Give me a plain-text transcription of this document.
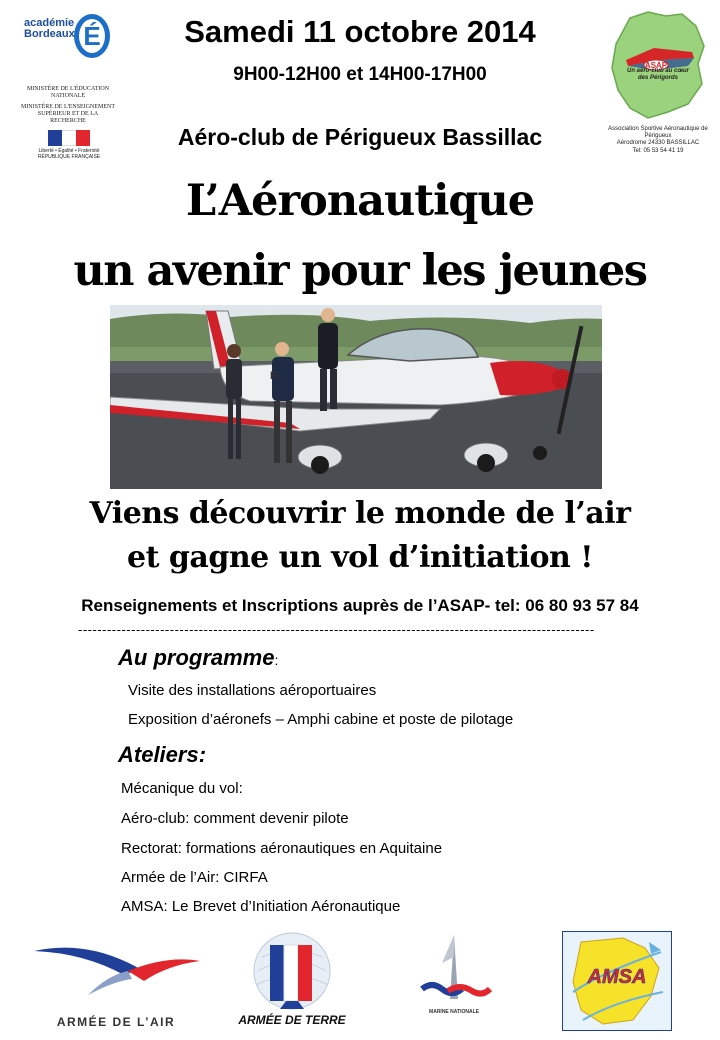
académie Bordeaux É
MINISTÈRE DE L'ÉDUCATION NATIONALE
MINISTÈRE DE L'ENSEIGNEMENT SUPÉRIEUR ET DE LA RECHERCHE
Liberté • Égalité • Fraternité RÉPUBLIQUE FRANÇAISE
Samedi 11 octobre 2014
9H00-12H00 et 14H00-17H00
Aéro-club de Périgueux Bassillac
ASAP
Un aéro-club au cœur des Périgords
Association Sportive Aéronautique de Périgueux
Aérodrome 24330 BASSILLAC
Tel: 05 53 54 41 19
L’Aéronautique
un avenir pour les jeunes
F-
Viens découvrir le monde de l’air
et gagne un vol d’initiation !
Renseignements et Inscriptions auprès de l’ASAP- tel: 06 80 93 57 84
-----------------------------------------------------------------------------------------------------------
Au programme:
Visite des installations aéroportuaires
Exposition d’aéronefs – Amphi cabine et poste de pilotage
Ateliers:
Mécanique du vol:
Aéro-club: comment devenir pilote
Rectorat: formations aéronautiques en Aquitaine
Armée de l’Air: CIRFA
AMSA: Le Brevet d’Initiation Aéronautique
ARMÉE DE L’AIR	ARMÉE DE TERRE
MARINE NATIONALE
AMSA
